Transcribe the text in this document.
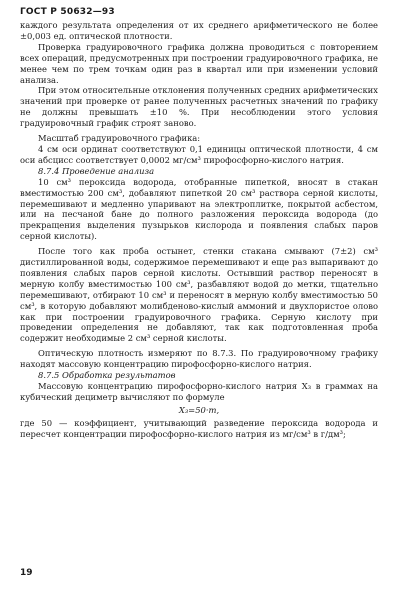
ГОСТ Р 50632—93

каждого результата определения от их среднего арифметического не более ±0,003 ед. оптической плотности.

Проверка градуировочного графика должна проводиться с повторением всех операций, предусмотренных при построении градуировочного графика, не менее чем по трем точкам один раз в квартал или при изменении условий анализа.

При этом относительные отклонения полученных средних арифметических значений при проверке от ранее полученных расчетных значений по графику не должны превышать ±10 %. При несоблюдении этого условия градуировочный график строят заново.

Масштаб градуировочного графика:

4 см оси ординат соответствуют 0,1 единицы оптической плотности, 4 см оси абсцисс соответствует 0,0002 мг/см³ пирофосфорно-кислого натрия.

8.7.4 Проведение анализа

10 см³ пероксида водорода, отобранные пипеткой, вносят в стакан вместимостью 200 см³, добавляют пипеткой 20 см³ раствора серной кислоты, перемешивают и медленно упаривают на электроплитке, покрытой асбестом, или на песчаной бане до полного разложения пероксида водорода (до прекращения выделения пузырьков кислорода и появления слабых паров серной кислоты).

После того как проба остынет, стенки стакана смывают (7±2) см³ дистиллированной воды, содержимое перемешивают и еще раз выпаривают до появления слабых паров серной кислоты. Остывший раствор переносят в мерную колбу вместимостью 100 см³, разбавляют водой до метки, тщательно перемешивают, отбирают 10 см³ и переносят в мерную колбу вместимостью 50 см³, в которую добавляют молибденово-кислый аммоний и двухлористое олово как при построении градуировочного графика. Серную кислоту при проведении определения не добавляют, так как подготовленная проба содержит необходимые 2 см³ серной кислоты.

Оптическую плотность измеряют по 8.7.3. По градуировочному графику находят массовую концентрацию пирофосфорно-кислого натрия.

8.7.5 Обработка результатов

Массовую концентрацию пирофосфорно-кислого натрия X₃ в граммах на кубический дециметр вычисляют по формуле

X₃=50·m,

где 50 — коэффициент, учитывающий разведение пероксида водорода и пересчет концентрации пирофосфорно-кислого натрия из мг/см³ в г/дм³;

19
